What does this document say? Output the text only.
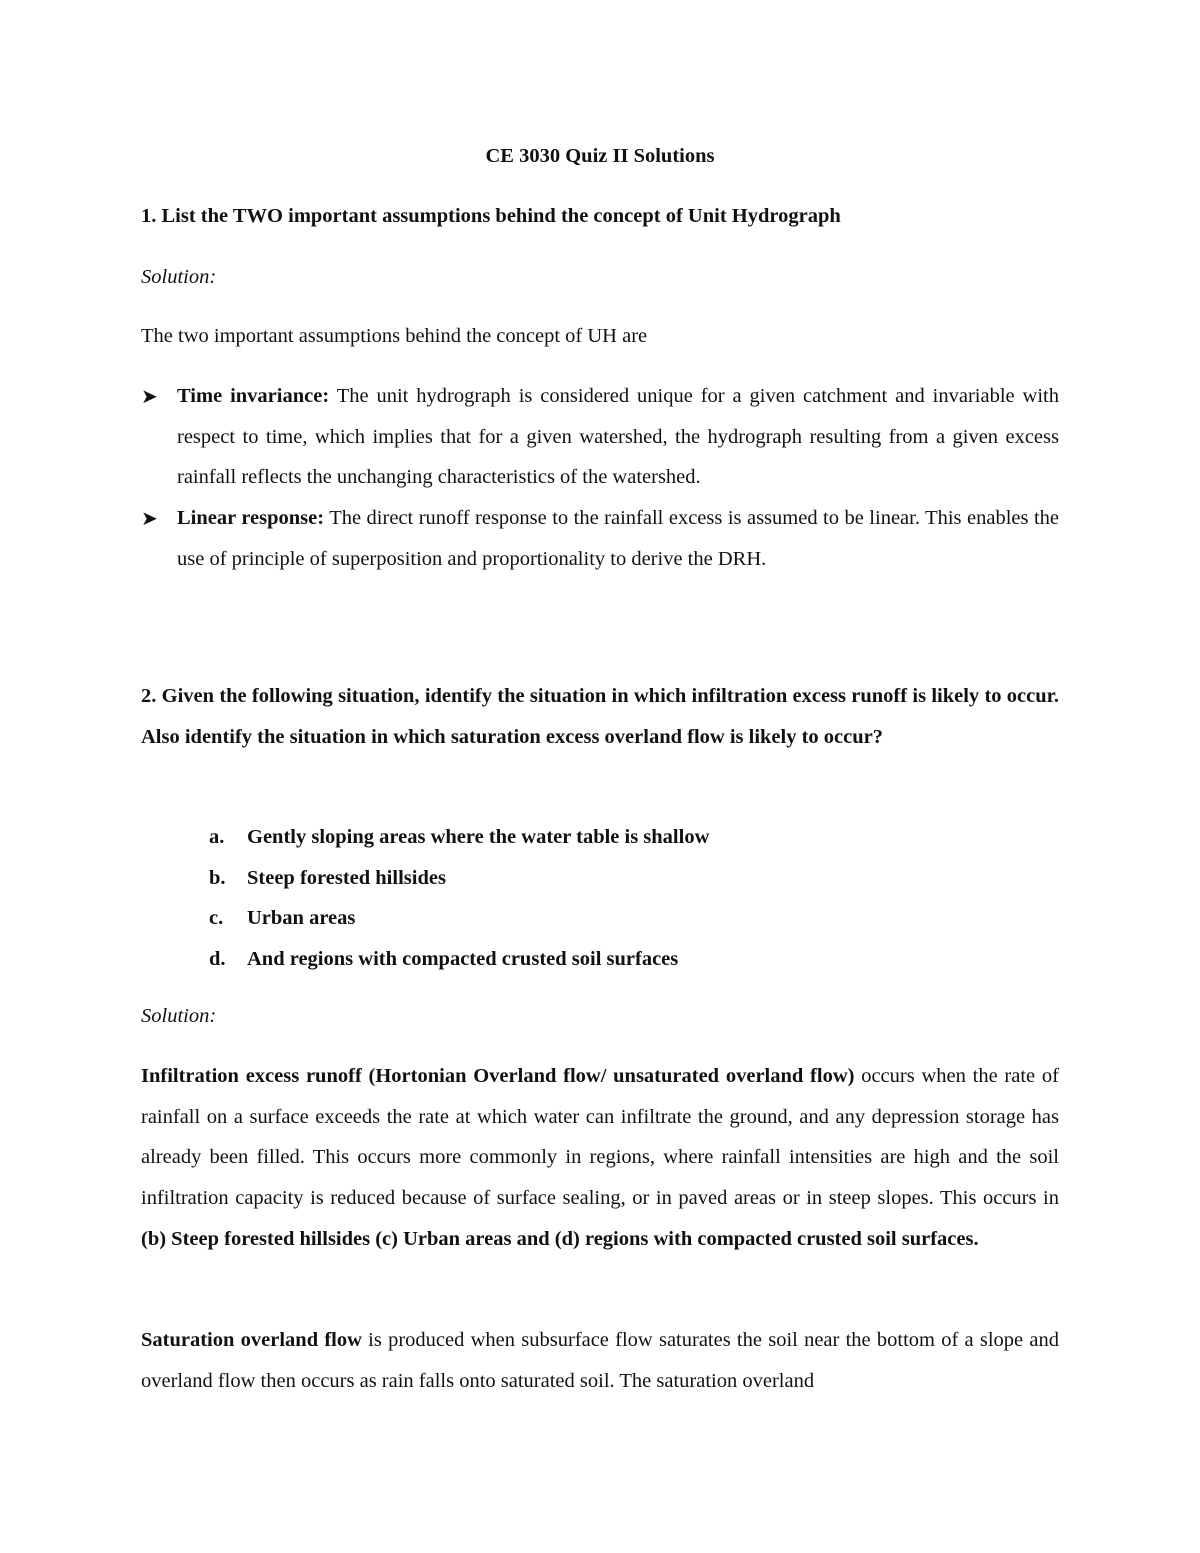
CE 3030 Quiz II Solutions
1. List the TWO important assumptions behind the concept of Unit Hydrograph
Solution:
The two important assumptions behind the concept of UH are
➤ Time invariance: The unit hydrograph is considered unique for a given catchment and invariable with respect to time, which implies that for a given watershed, the hydrograph resulting from a given excess rainfall reflects the unchanging characteristics of the watershed.
➤ Linear response: The direct runoff response to the rainfall excess is assumed to be linear. This enables the use of principle of superposition and proportionality to derive the DRH.
2. Given the following situation, identify the situation in which infiltration excess runoff is likely to occur. Also identify the situation in which saturation excess overland flow is likely to occur?
a. Gently sloping areas where the water table is shallow
b. Steep forested hillsides
c. Urban areas
d. And regions with compacted crusted soil surfaces
Solution:
Infiltration excess runoff (Hortonian Overland flow/ unsaturated overland flow) occurs when the rate of rainfall on a surface exceeds the rate at which water can infiltrate the ground, and any depression storage has already been filled. This occurs more commonly in regions, where rainfall intensities are high and the soil infiltration capacity is reduced because of surface sealing, or in paved areas or in steep slopes. This occurs in (b) Steep forested hillsides (c) Urban areas and (d) regions with compacted crusted soil surfaces.
Saturation overland flow is produced when subsurface flow saturates the soil near the bottom of a slope and overland flow then occurs as rain falls onto saturated soil. The saturation overland
